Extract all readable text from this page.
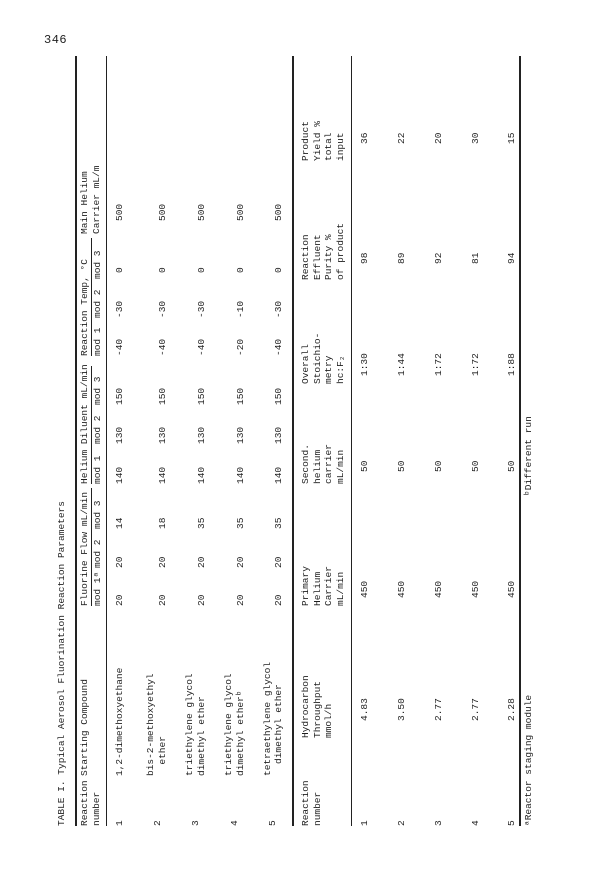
346
TABLE I. Typical Aerosol Fluorination Reaction Parameters Reaction number
Starting Compound
Fluorine Flow mL/min mod 1ᵃ
mod 2
mod 3
Helium Diluent mL/min mod 1
mod 2
mod 3
Reaction Temp, °C mod 1
mod 2
mod 3
Main Helium Carrier mL/m
1
1,2-dimethoxyethane
20
20
14
140
130
150
-40
-30
0
500
2
bis-2-methoxyethyl ether
20
20
18
140
130
150
-40
-30
0
500
3
triethylene glycol dimethyl ether
20
20
35
140
130
150
-40
-30
0
500
4
triethylene glycol dimethyl etherᵇ
20
20
35
140
130
150
-20
-10
0
500
5
tetraethylene glycol dimethyl ether
20
20
35
140
130
150
-40
-30
0
500
Reaction number
Hydrocarbon Throughput mmol/h
Primary Helium Carrier mL/min
Second. helium carrier mL/min
Overall Stoichio- metry hc:F₂
Reaction Effluent Purity % of product
Product Yield % total input
1
4.83
450
50
1:30
98
36
2
3.50
450
50
1:44
89
22
3
2.77
450
50
1:72
92
20
4
2.77
450
50
1:72
81
30
5
2.28
450
50
1:88
94
15
ᵃReactor staging module
ᵇDifferent run
